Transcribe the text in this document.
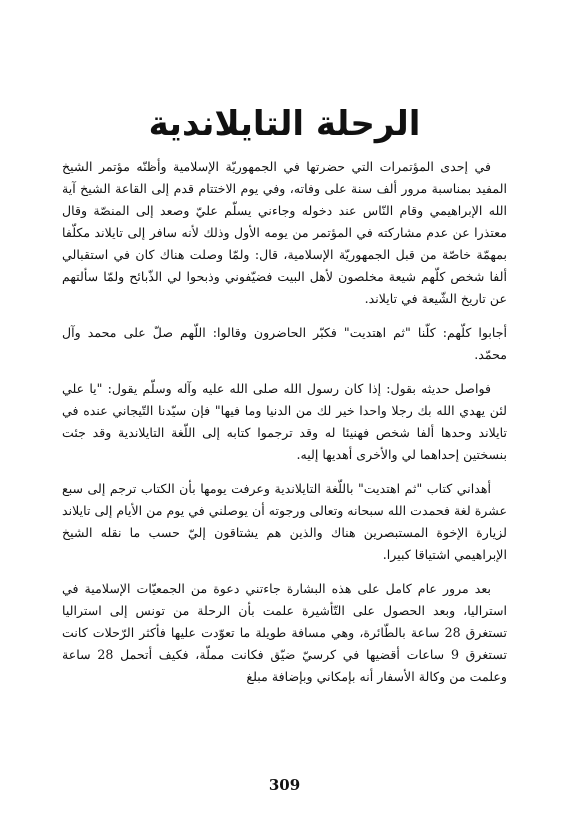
الرحلة التايلاندية

في إحدى المؤتمرات التي حضرتها في الجمهوريّة الإسلامية وأظنّه مؤتمر الشيخ المفيد بمناسبة مرور ألف سنة على وفاته، وفي يوم الاختتام قدم إلى القاعة الشيخ آية الله الإبراهيمي وقام النّاس عند دخوله وجاءني يسلّم عليّ وصعد إلى المنصّة وقال معتذرا عن عدم مشاركته في المؤتمر من يومه الأول وذلك لأنه سافر إلى تايلاند مكلّفا بمهمّة خاصّة من قبل الجمهوريّة الإسلامية، قال: ولمّا وصلت هناك كان في استقبالي ألفا شخص كلّهم شيعة مخلصون لأهل البيت فضيّفوني وذبحوا لي الذّبائح ولمّا سألتهم عن تاريخ الشّيعة في تايلاند.

أجابوا كلّهم: كلّنا "ثم اهتديت" فكبّر الحاضرون وقالوا: اللّهم صلّ على محمد وآل محمّد.

فواصل حديثه بقول: إذا كان رسول الله صلى الله عليه وآله وسلّم يقول: "يا علي لئن يهدي الله بك رجلا واحدا خير لك من الدنيا وما فيها" فإن سيّدنا التّيجاني عنده في تايلاند وحدها ألفا شخص فهنيئا له وقد ترجموا كتابه إلى اللّغة التايلاندية وقد جئت بنسختين إحداهما لي والأخرى أهديها إليه.

أهداني كتاب "ثم اهتديت" باللّغة التايلاندية وعرفت يومها بأن الكتاب ترجم إلى سبع عشرة لغة فحمدت الله سبحانه وتعالى ورجوته أن يوصلني في يوم من الأيام إلى تايلاند لزيارة الإخوة المستبصرين هناك والذين هم يشتاقون إليّ حسب ما نقله الشيخ الإبراهيمي اشتياقا كبيرا.

بعد مرور عام كامل على هذه البشارة جاءتني دعوة من الجمعيّات الإسلامية في استراليا، وبعد الحصول على التّأشيرة علمت بأن الرحلة من تونس إلى استراليا تستغرق 28 ساعة بالطّائرة، وهي مسافة طويلة ما تعوّدت عليها فأكثر الرّحلات كانت تستغرق 9 ساعات أقضيها في كرسيّ ضيّق فكانت مملّة، فكيف أتحمل 28 ساعة وعلمت من وكالة الأسفار أنه بإمكاني وبإضافة مبلغ

309
